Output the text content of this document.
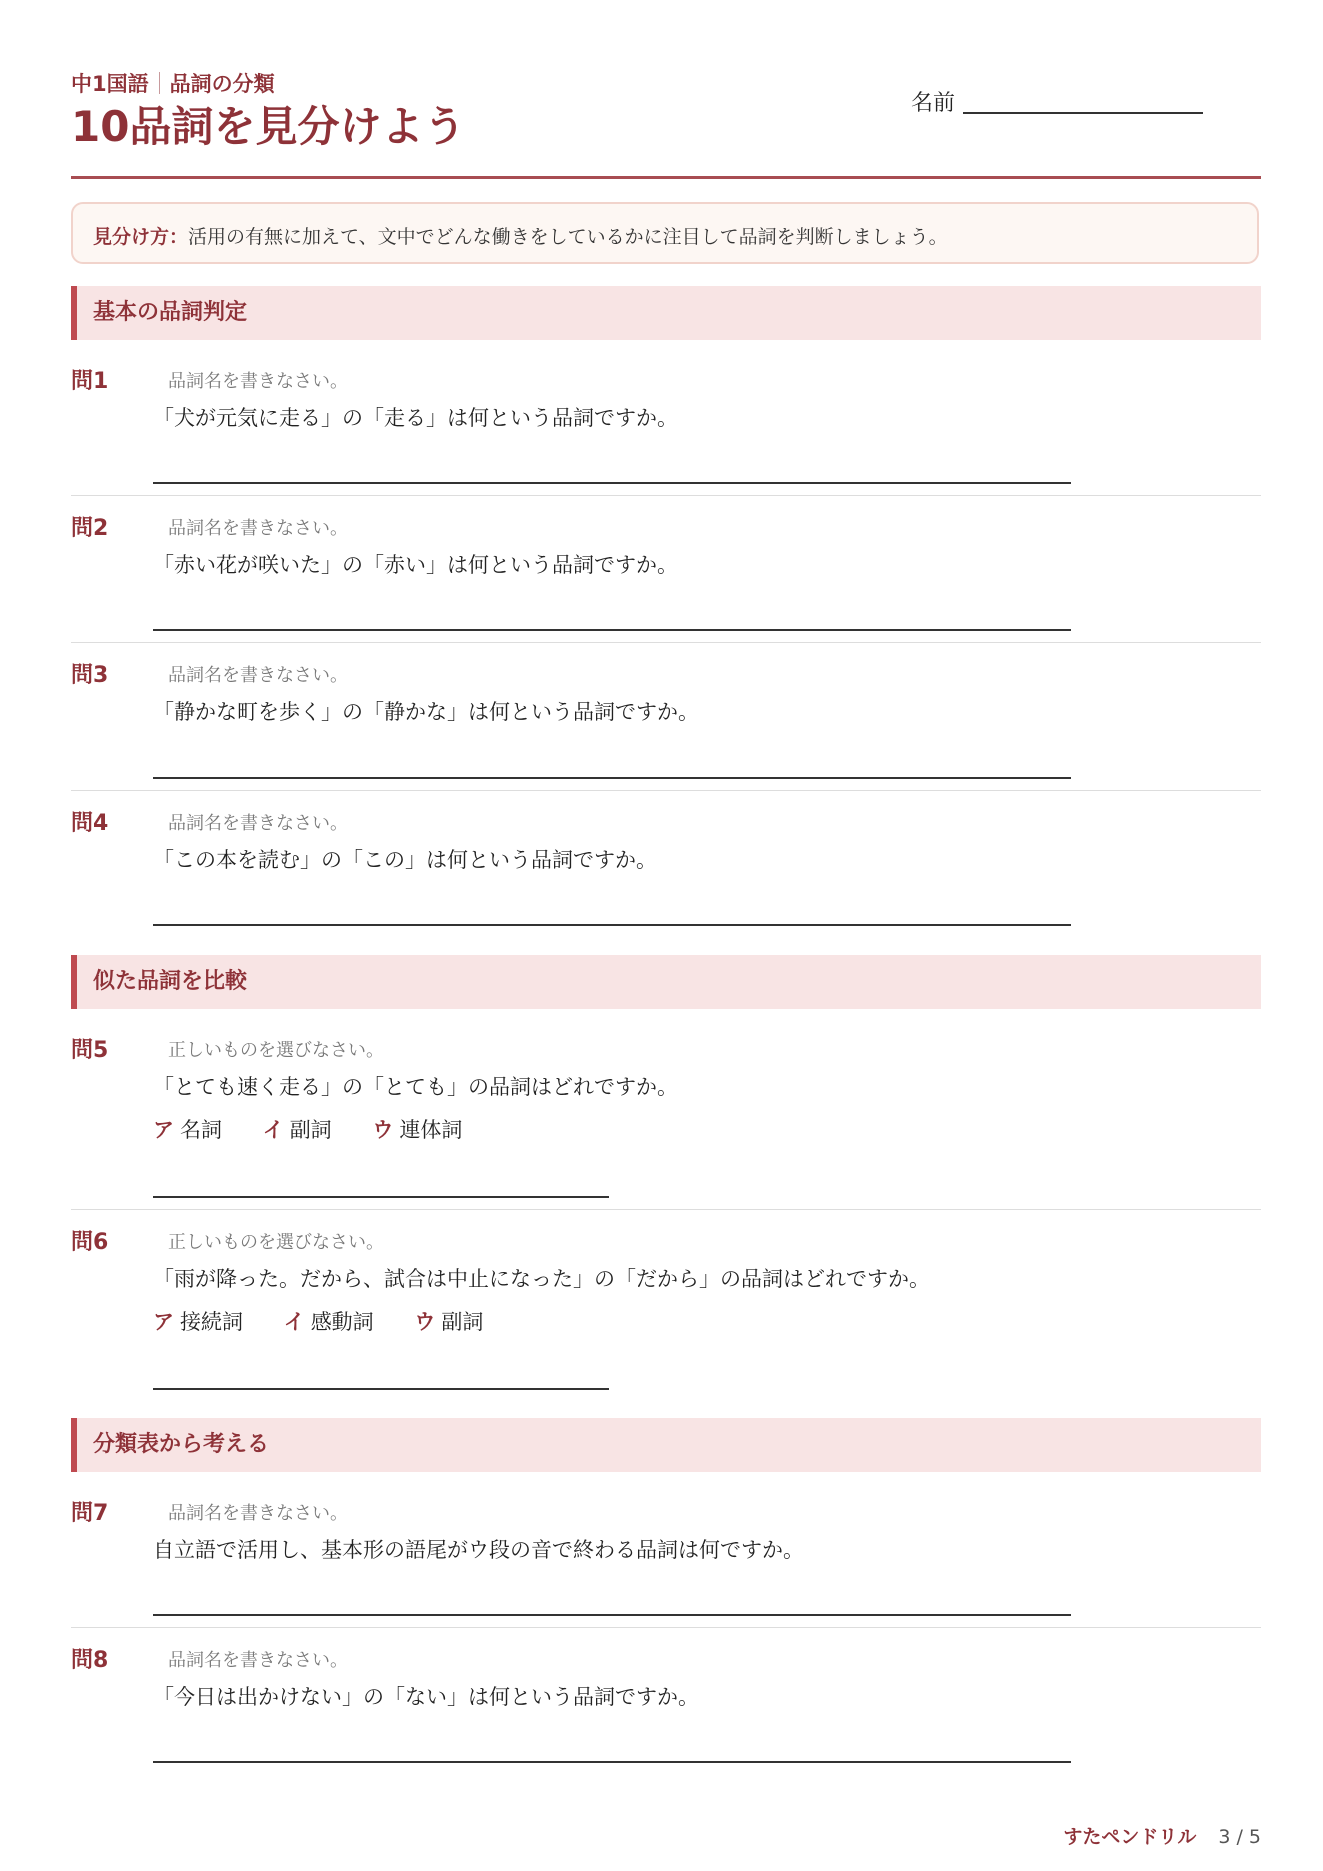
中1国語 品詞の分類
10品詞を見分けよう	名前
見分け方：活用の有無に加えて、文中でどんな働きをしているかに注目して品詞を判断しましょう。
基本の品詞判定
問1	品詞名を書きなさい。
「犬が元気に走る」の「走る」は何という品詞ですか。
問2	品詞名を書きなさい。
「赤い花が咲いた」の「赤い」は何という品詞ですか。
問3	品詞名を書きなさい。
「静かな町を歩く」の「静かな」は何という品詞ですか。
問4	品詞名を書きなさい。
「この本を読む」の「この」は何という品詞ですか。
似た品詞を比較
問5	正しいものを選びなさい。
「とても速く走る」の「とても」の品詞はどれですか。
ア 名詞 イ 副詞 ウ 連体詞
問6	正しいものを選びなさい。
「雨が降った。だから、試合は中止になった」の「だから」の品詞はどれですか。
ア 接続詞 イ 感動詞 ウ 副詞
分類表から考える
問7	品詞名を書きなさい。
自立語で活用し、基本形の語尾がウ段の音で終わる品詞は何ですか。
問8	品詞名を書きなさい。
「今日は出かけない」の「ない」は何という品詞ですか。
すたペンドリル 3 / 5
